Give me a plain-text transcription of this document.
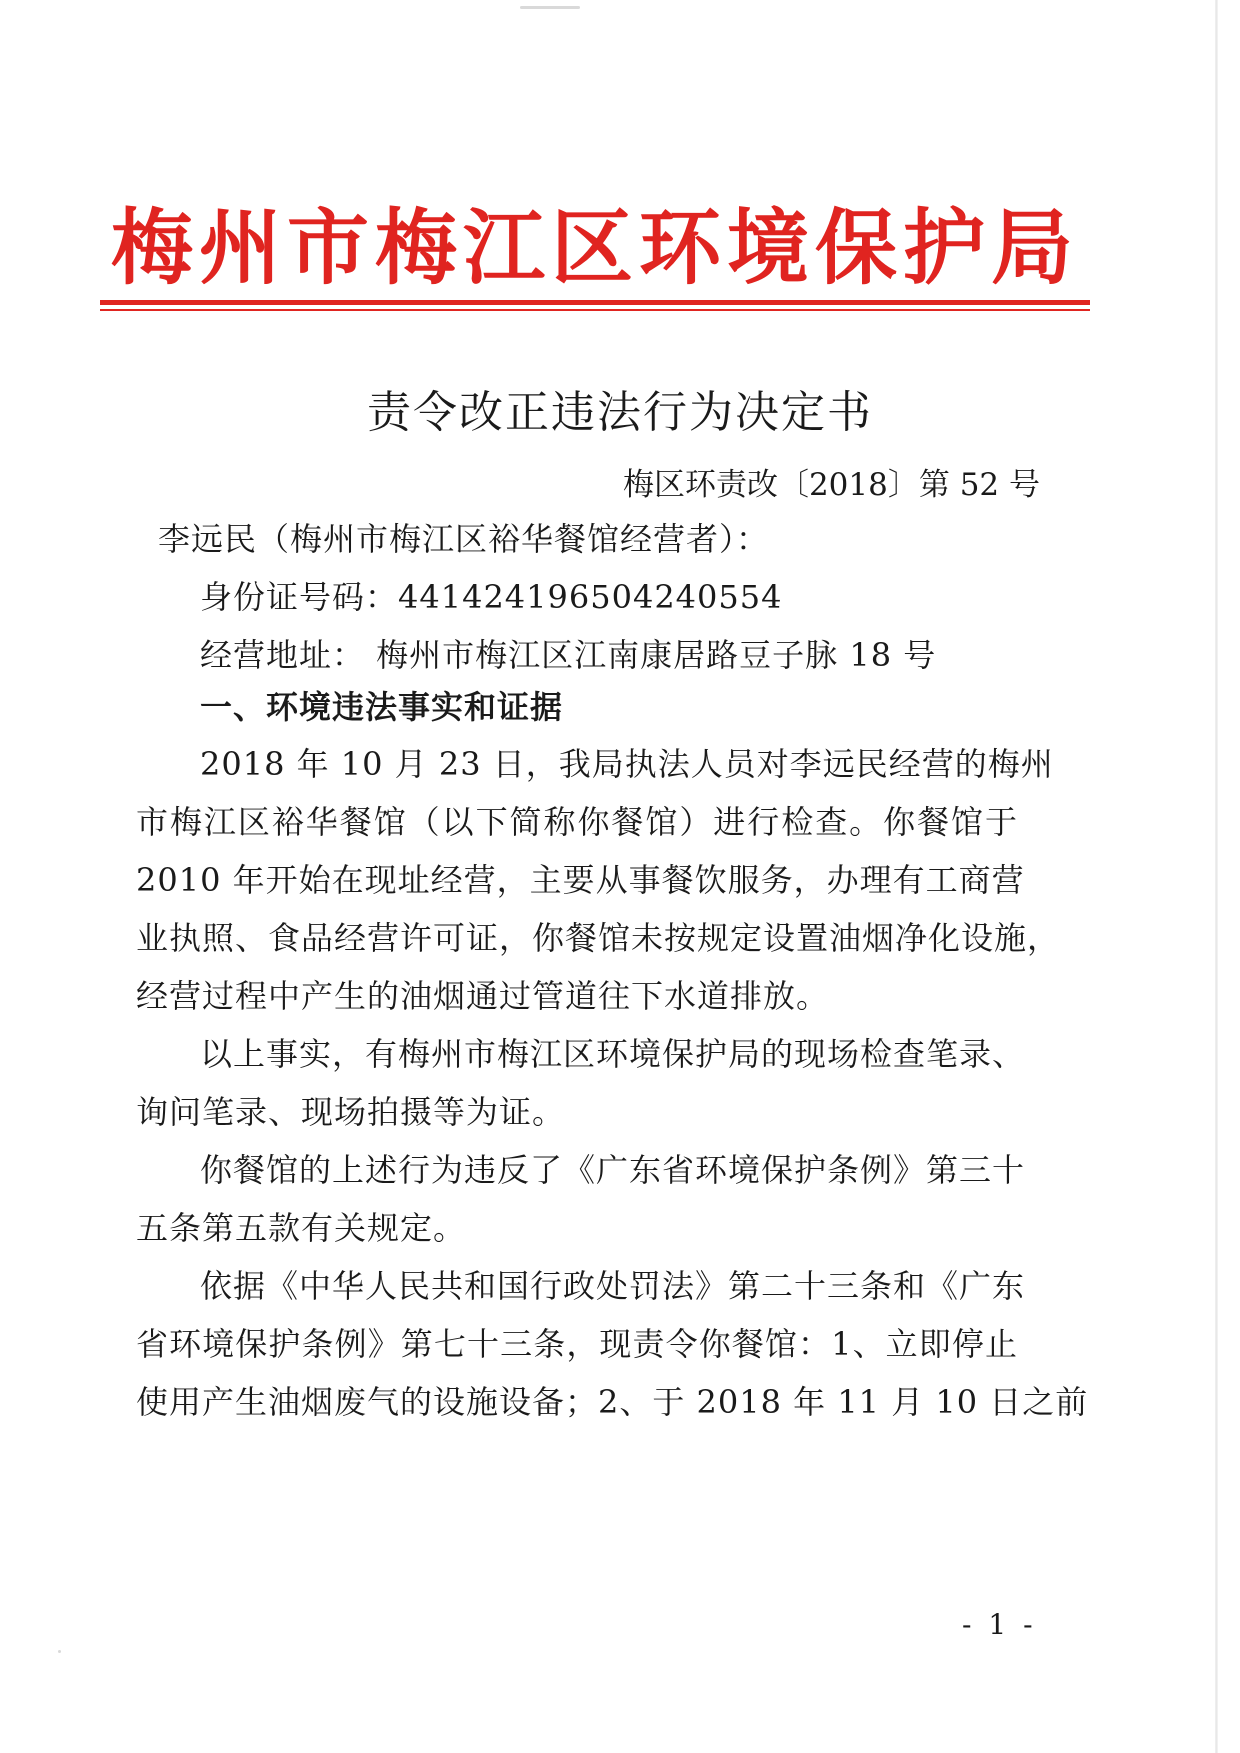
梅州市梅江区环境保护局
责令改正违法行为决定书
梅区环责改〔2018〕第 52 号
李远民（梅州市梅江区裕华餐馆经营者）：
身份证号码：441424196504240554
经营地址： 梅州市梅江区江南康居路豆子脉 18 号
一、环境违法事实和证据
2018 年 10 月 23 日，我局执法人员对李远民经营的梅州
市梅江区裕华餐馆（以下简称你餐馆）进行检查。你餐馆于
2010 年开始在现址经营，主要从事餐饮服务，办理有工商营
业执照、食品经营许可证，你餐馆未按规定设置油烟净化设施，
经营过程中产生的油烟通过管道往下水道排放。
以上事实，有梅州市梅江区环境保护局的现场检查笔录、
询问笔录、现场拍摄等为证。
你餐馆的上述行为违反了《广东省环境保护条例》第三十
五条第五款有关规定。
依据《中华人民共和国行政处罚法》第二十三条和《广东
省环境保护条例》第七十三条，现责令你餐馆：1、立即停止
使用产生油烟废气的设施设备；2、于 2018 年 11 月 10 日之前
- 1 -
